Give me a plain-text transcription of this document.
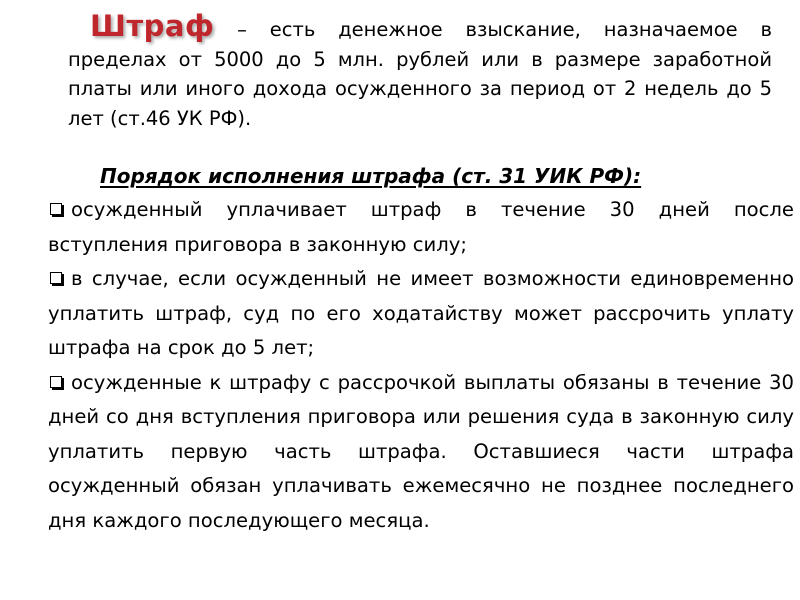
Штраф – есть денежное взыскание, назначаемое в пределах от 5000 до 5 млн. рублей или в размере заработной платы или иного дохода осужденного за период от 2 недель до 5 лет (ст.46 УК РФ).

Порядок исполнения штрафа (ст. 31 УИК РФ):

осужденный уплачивает штраф в течение 30 дней после вступления приговора в законную силу;
в случае, если осужденный не имеет возможности единовременно уплатить штраф, суд по его ходатайству может рассрочить уплату штрафа на срок до 5 лет;
осужденные к штрафу с рассрочкой выплаты обязаны в течение 30 дней со дня вступления приговора или решения суда в законную силу уплатить первую часть штрафа. Оставшиеся части штрафа осужденный обязан уплачивать ежемесячно не позднее последнего дня каждого последующего месяца.
